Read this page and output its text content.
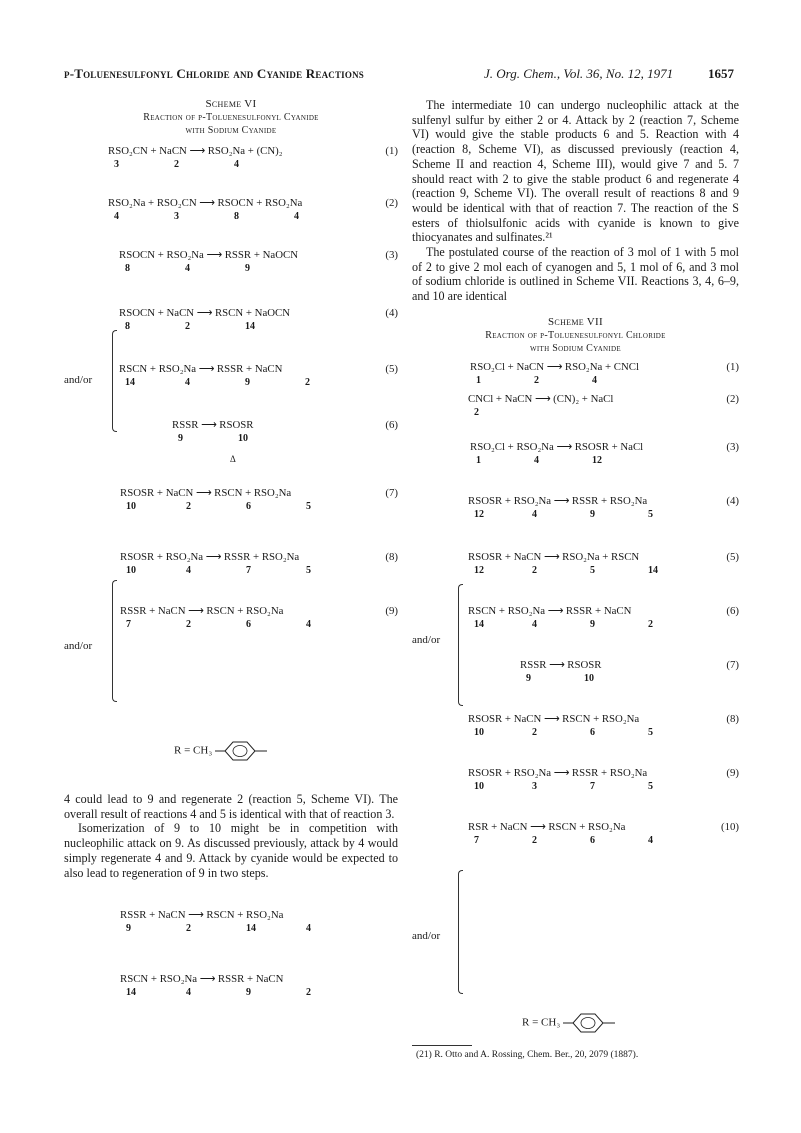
p-Toluenesulfonyl Chloride and Cyanide Reactions	J. Org. Chem., Vol. 36, No. 12, 1971	1657
Scheme VI
Reaction of p-Toluenesulfonyl Cyanide
with Sodium Cyanide
RSO₂CN + NaCN ⟶ RSO₂Na + (CN)₂	(1)
3	2	4
RSO₂Na + RSO₂CN ⟶ RSOCN + RSO₂Na	(2)
4	3	8	4
RSOCN + RSO₂Na ⟶ RSSR + NaOCN	(3)
8	4	9
RSOCN + NaCN ⟶ RSCN + NaOCN	(4)
8	2	14
RSCN + RSO₂Na ⟶ RSSR + NaCN	(5)
14	4	9	2
RSSR ⟶ RSOSR	(6)
9	10
RSOSR + NaCN ⟶ RSCN + RSO₂Na	(7)
10	2	6	5
RSOSR + RSO₂Na ⟶ RSSR + RSO₂Na	(8)
10	4	7	5
RSSR + NaCN ⟶ RSCN + RSO₂Na	(9)
7	2	6	4
R = CH₃

4 could lead to 9 and regenerate 2 (reaction 5, Scheme VI). The overall result of reactions 4 and 5 is identical with that of reaction 3.

Isomerization of 9 to 10 might be in competition with nucleophilic attack on 9. As discussed previously, attack by 4 would simply regenerate 4 and 9. Attack by cyanide would be expected to also lead to regeneration of 9 in two steps.

RSSR + NaCN ⟶ RSCN + RSO₂Na
9	2	14	4
RSCN + RSO₂Na ⟶ RSSR + NaCN
14	4	9	2
and/or
and/or
Δ

The intermediate 10 can undergo nucleophilic attack at the sulfenyl sulfur by either 2 or 4. Attack by 2 (reaction 7, Scheme VI) would give the stable products 6 and 5. Reaction with 4 (reaction 8, Scheme VI), as discussed previously (reaction 4, Scheme II and reaction 4, Scheme III), would give 7 and 5. 7 should react with 2 to give the stable product 6 and regenerate 4 (reaction 9, Scheme VI). The overall result of reactions 8 and 9 would be identical with that of reaction 7. The reaction of the S esters of thiolsulfonic acids with cyanide is known to give thiocyanates and sulfinates.²¹

The postulated course of the reaction of 3 mol of 1 with 5 mol of 2 to give 2 mol each of cyanogen and 5, 1 mol of 6, and 3 mol of sodium chloride is outlined in Scheme VII. Reactions 3, 4, 6–9, and 10 are identical

Scheme VII
Reaction of p-Toluenesulfonyl Chloride
with Sodium Cyanide
RSO₂Cl + NaCN ⟶ RSO₂Na + CNCl	(1)
1	2	4
CNCl + NaCN ⟶ (CN)₂ + NaCl	(2)
2
RSO₂Cl + RSO₂Na ⟶ RSOSR + NaCl	(3)
1	4	12
RSOSR + RSO₂Na ⟶ RSSR + RSO₂Na	(4)
12	4	9	5
RSOSR + NaCN ⟶ RSO₂Na + RSCN	(5)
12	2	5	14
RSCN + RSO₂Na ⟶ RSSR + NaCN	(6)
14	4	9	2
RSSR ⟶ RSOSR	(7)
9	10
RSOSR + NaCN ⟶ RSCN + RSO₂Na	(8)
10	2	6	5
RSOSR + RSO₂Na ⟶ RSSR + RSO₂Na	(9)
10	3	7	5
RSR + NaCN ⟶ RSCN + RSO₂Na	(10)
7	2	6	4
R = CH₃
and/or
and/or
(21) R. Otto and A. Rossing, Chem. Ber., 20, 2079 (1887).
